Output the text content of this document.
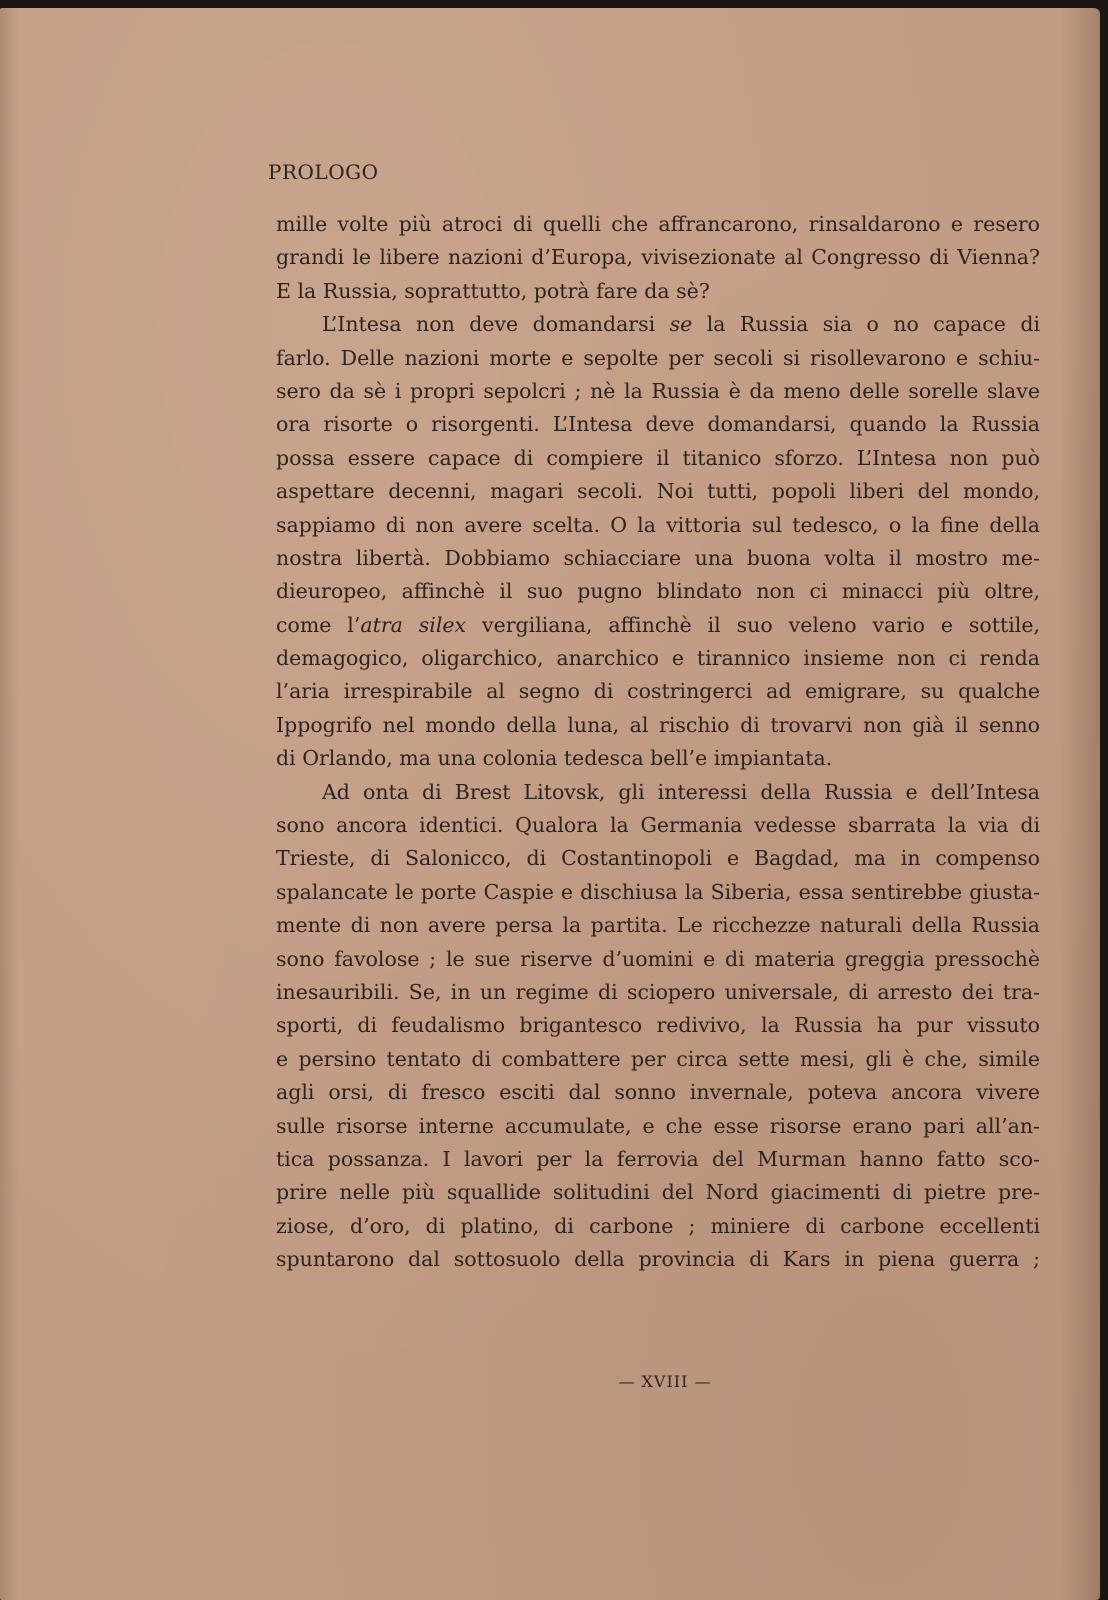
PROLOGO
mille volte più atroci di quelli che affrancarono, rinsaldarono e resero
grandi le libere nazioni d’Europa, vivisezionate al Congresso di Vienna?
E la Russia, soprattutto, potrà fare da sè?
L’Intesa non deve domandarsi se la Russia sia o no capace di
farlo. Delle nazioni morte e sepolte per secoli si risollevarono e schiu-
sero da sè i propri sepolcri ; nè la Russia è da meno delle sorelle slave
ora risorte o risorgenti. L’Intesa deve domandarsi, quando la Russia
possa essere capace di compiere il titanico sforzo. L’Intesa non può
aspettare decenni, magari secoli. Noi tutti, popoli liberi del mondo,
sappiamo di non avere scelta. O la vittoria sul tedesco, o la fine della
nostra libertà. Dobbiamo schiacciare una buona volta il mostro me-
dieuropeo, affinchè il suo pugno blindato non ci minacci più oltre,
come l’atra silex vergiliana, affinchè il suo veleno vario e sottile,
demagogico, oligarchico, anarchico e tirannico insieme non ci renda
l’aria irrespirabile al segno di costringerci ad emigrare, su qualche
Ippogrifo nel mondo della luna, al rischio di trovarvi non già il senno
di Orlando, ma una colonia tedesca bell’e impiantata.
Ad onta di Brest Litovsk, gli interessi della Russia e dell’Intesa
sono ancora identici. Qualora la Germania vedesse sbarrata la via di
Trieste, di Salonicco, di Costantinopoli e Bagdad, ma in compenso
spalancate le porte Caspie e dischiusa la Siberia, essa sentirebbe giusta-
mente di non avere persa la partita. Le ricchezze naturali della Russia
sono favolose ; le sue riserve d’uomini e di materia greggia pressochè
inesauribili. Se, in un regime di sciopero universale, di arresto dei tra-
sporti, di feudalismo brigantesco redivivo, la Russia ha pur vissuto
e persino tentato di combattere per circa sette mesi, gli è che, simile
agli orsi, di fresco esciti dal sonno invernale, poteva ancora vivere
sulle risorse interne accumulate, e che esse risorse erano pari all’an-
tica possanza. I lavori per la ferrovia del Murman hanno fatto sco-
prire nelle più squallide solitudini del Nord giacimenti di pietre pre-
ziose, d’oro, di platino, di carbone ; miniere di carbone eccellenti
spuntarono dal sottosuolo della provincia di Kars in piena guerra ;
— XVIII —
